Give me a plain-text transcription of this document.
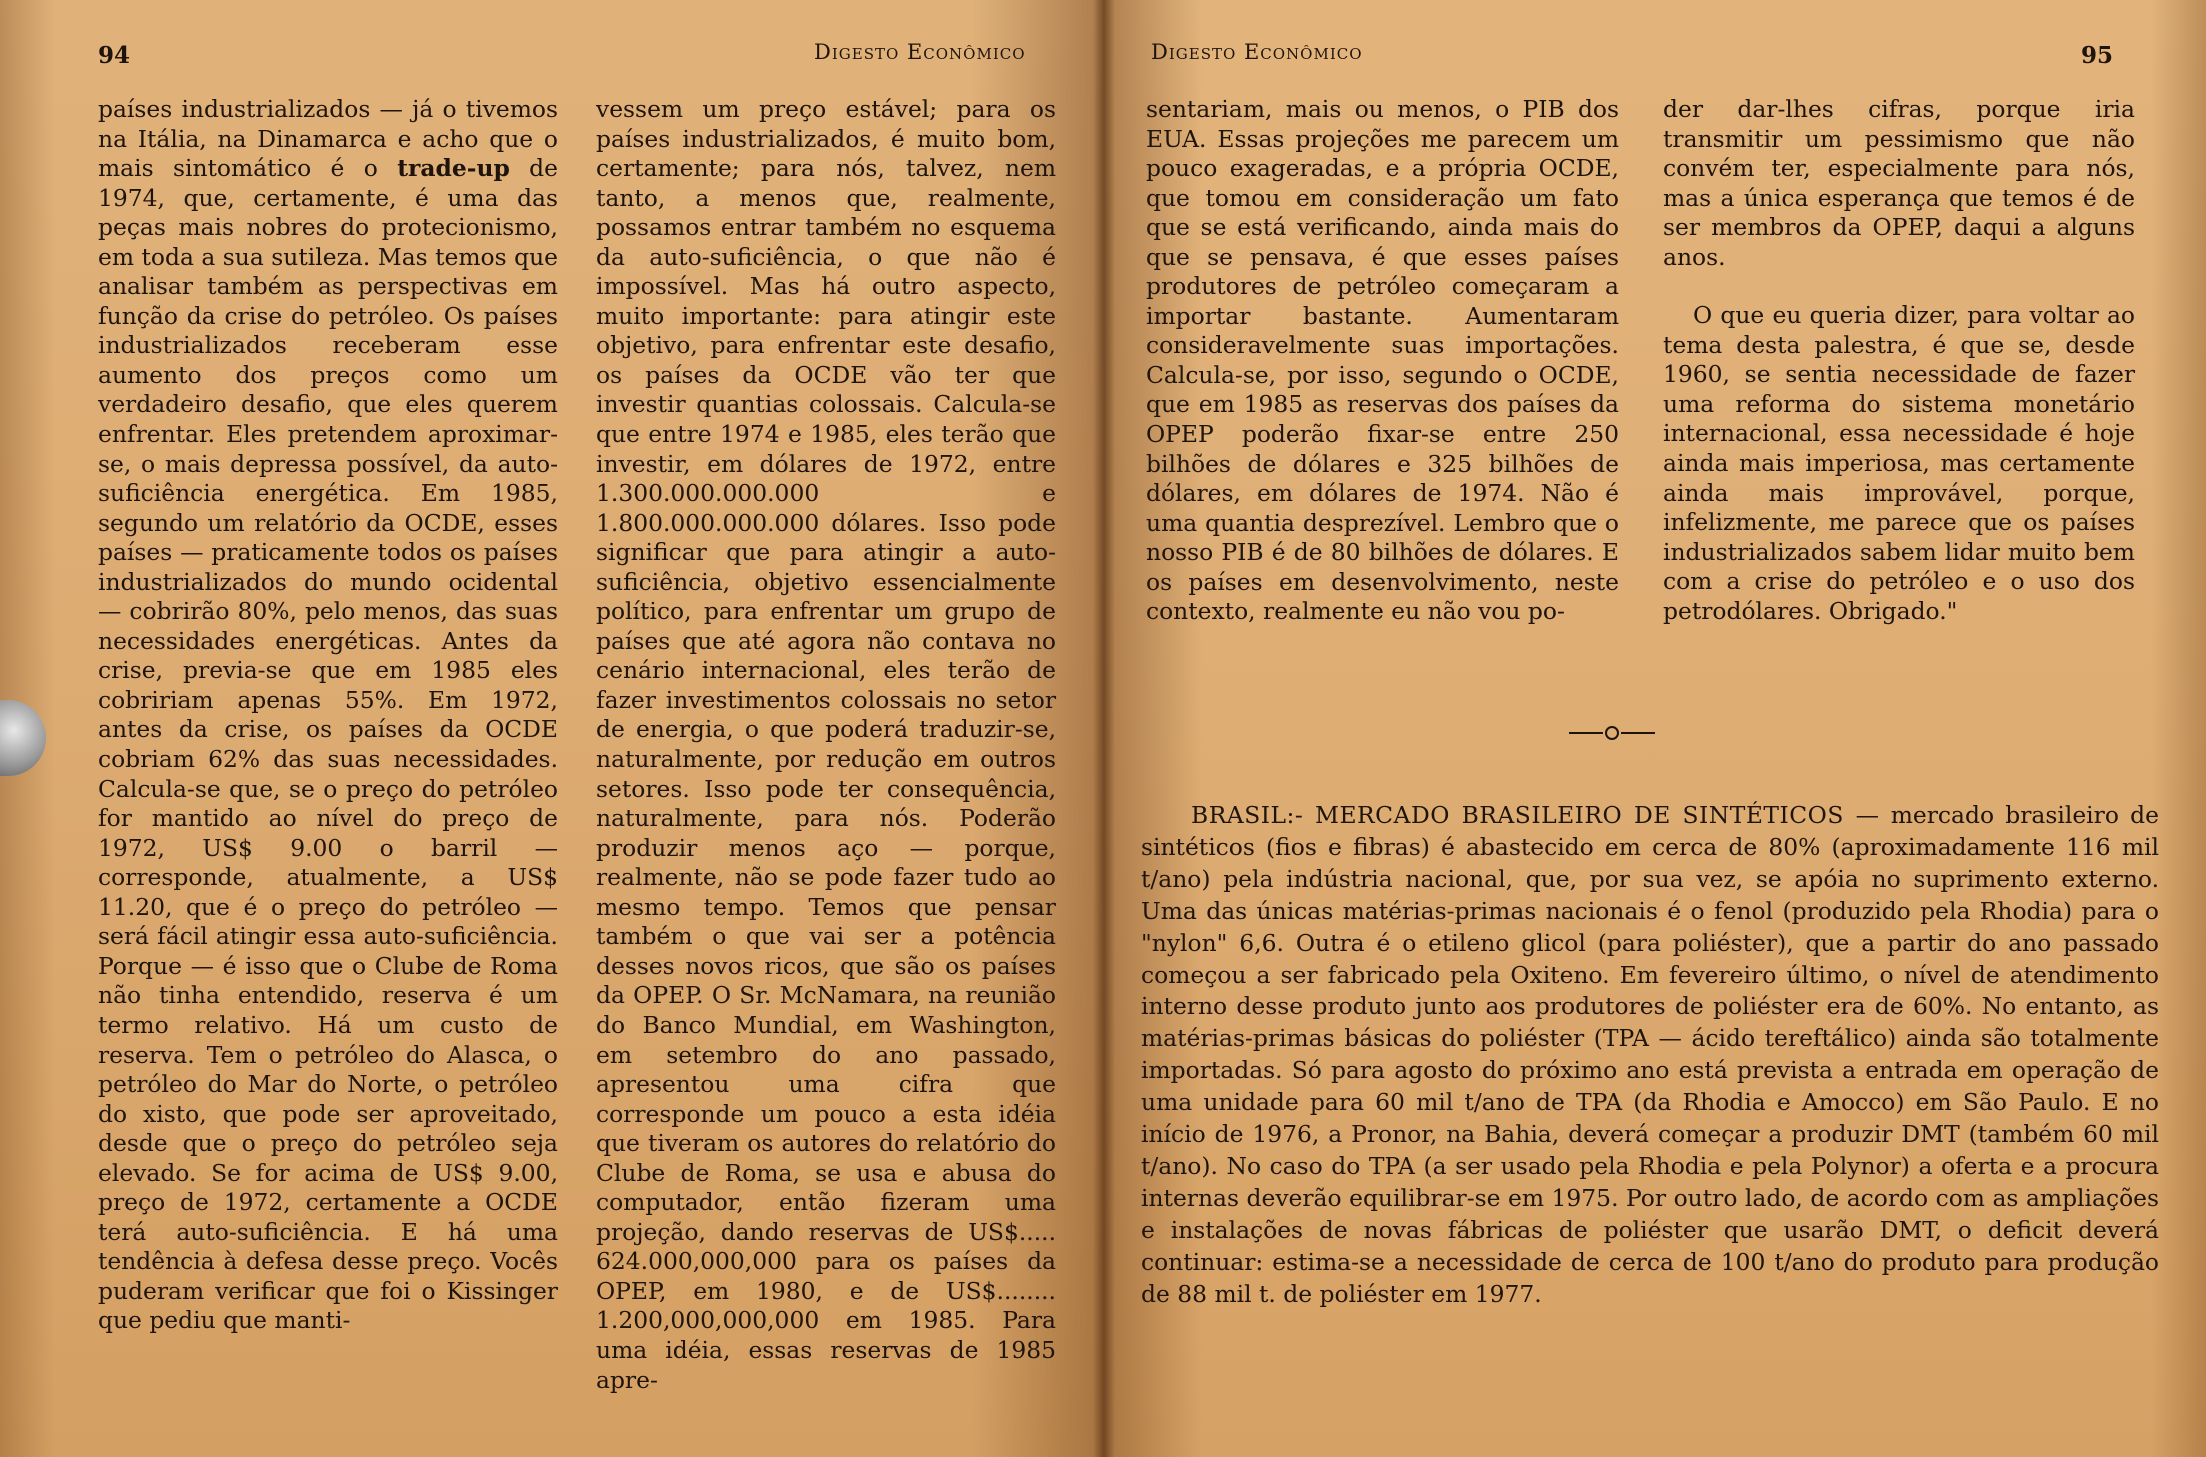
94	Digesto Econômico

países industrializados — já o tivemos na Itália, na Dinamarca e acho que o mais sintomático é o trade-up de 1974, que, certamente, é uma das peças mais nobres do protecionismo, em toda a sua sutileza. Mas temos que analisar também as perspectivas em função da crise do petróleo. Os países industrializados receberam esse aumento dos preços como um verdadeiro desafio, que eles querem enfrentar. Eles pretendem aproximar-se, o mais depressa possível, da auto-suficiência energética. Em 1985, segundo um relatório da OCDE, esses países — praticamente todos os países industrializados do mundo ocidental — cobrirão 80%, pelo menos, das suas necessidades energéticas. Antes da crise, previa-se que em 1985 eles cobririam apenas 55%. Em 1972, antes da crise, os países da OCDE cobriam 62% das suas necessidades. Calcula-se que, se o preço do petróleo for mantido ao nível do preço de 1972, US$ 9.00 o barril — corresponde, atualmente, a US$ 11.20, que é o preço do petróleo — será fácil atingir essa auto-suficiência. Porque — é isso que o Clube de Roma não tinha entendido, reserva é um termo relativo. Há um custo de reserva. Tem o petróleo do Alasca, o petróleo do Mar do Norte, o petróleo do xisto, que pode ser aproveitado, desde que o preço do petróleo seja elevado. Se for acima de US$ 9.00, preço de 1972, certamente a OCDE terá auto-suficiência. E há uma tendência à defesa desse preço. Vocês puderam verificar que foi o Kissinger que pediu que manti-

vessem um preço estável; para os países industrializados, é muito bom, certamente; para nós, talvez, nem tanto, a menos que, realmente, possamos entrar também no esquema da auto-suficiência, o que não é impossível. Mas há outro aspecto, muito importante: para atingir este objetivo, para enfrentar este desafio, os países da OCDE vão ter que investir quantias colossais. Calcula-se que entre 1974 e 1985, eles terão que investir, em dólares de 1972, entre 1.300.000.000.000 e 1.800.000.000.000 dólares. Isso pode significar que para atingir a auto-suficiência, objetivo essencialmente político, para enfrentar um grupo de países que até agora não contava no cenário internacional, eles terão de fazer investimentos colossais no setor de energia, o que poderá traduzir-se, naturalmente, por redução em outros setores. Isso pode ter consequência, naturalmente, para nós. Poderão produzir menos aço — porque, realmente, não se pode fazer tudo ao mesmo tempo. Temos que pensar também o que vai ser a potência desses novos ricos, que são os países da OPEP. O Sr. McNamara, na reunião do Banco Mundial, em Washington, em setembro do ano passado, apresentou uma cifra que corresponde um pouco a esta idéia que tiveram os autores do relatório do Clube de Roma, se usa e abusa do computador, então fizeram uma projeção, dando reservas de US$..... 624.000,000,000 para os países da OPEP, em 1980, e de US$........ 1.200,000,000,000 em 1985. Para uma idéia, essas reservas de 1985 apre-

Digesto Econômico	95

sentariam, mais ou menos, o PIB dos EUA. Essas projeções me parecem um pouco exageradas, e a própria OCDE, que tomou em consideração um fato que se está verificando, ainda mais do que se pensava, é que esses países produtores de petróleo começaram a importar bastante. Aumentaram consideravelmente suas importações. Calcula-se, por isso, segundo o OCDE, que em 1985 as reservas dos países da OPEP poderão fixar-se entre 250 bilhões de dólares e 325 bilhões de dólares, em dólares de 1974. Não é uma quantia desprezível. Lembro que o nosso PIB é de 80 bilhões de dólares. E os países em desenvolvimento, neste contexto, realmente eu não vou po-

der dar-lhes cifras, porque iria transmitir um pessimismo que não convém ter, especialmente para nós, mas a única esperança que temos é de ser membros da OPEP, daqui a alguns anos.

O que eu queria dizer, para voltar ao tema desta palestra, é que se, desde 1960, se sentia necessidade de fazer uma reforma do sistema monetário internacional, essa necessidade é hoje ainda mais imperiosa, mas certamente ainda mais improvável, porque, infelizmente, me parece que os países industrializados sabem lidar muito bem com a crise do petróleo e o uso dos petrodólares. Obrigado."

BRASIL:- MERCADO BRASILEIRO DE SINTÉTICOS — mercado brasileiro de sintéticos (fios e fibras) é abastecido em cerca de 80% (aproximadamente 116 mil t/ano) pela indústria nacional, que, por sua vez, se apóia no suprimento externo. Uma das únicas matérias-primas nacionais é o fenol (produzido pela Rhodia) para o "nylon" 6,6. Outra é o etileno glicol (para poliéster), que a partir do ano passado começou a ser fabricado pela Oxiteno. Em fevereiro último, o nível de atendimento interno desse produto junto aos produtores de poliéster era de 60%. No entanto, as matérias-primas básicas do poliéster (TPA — ácido tereftálico) ainda são totalmente importadas. Só para agosto do próximo ano está prevista a entrada em operação de uma unidade para 60 mil t/ano de TPA (da Rhodia e Amocco) em São Paulo. E no início de 1976, a Pronor, na Bahia, deverá começar a produzir DMT (também 60 mil t/ano). No caso do TPA (a ser usado pela Rhodia e pela Polynor) a oferta e a procura internas deverão equilibrar-se em 1975. Por outro lado, de acordo com as ampliações e instalações de novas fábricas de poliéster que usarão DMT, o deficit deverá continuar: estima-se a necessidade de cerca de 100 t/ano do produto para produção de 88 mil t. de poliéster em 1977.
